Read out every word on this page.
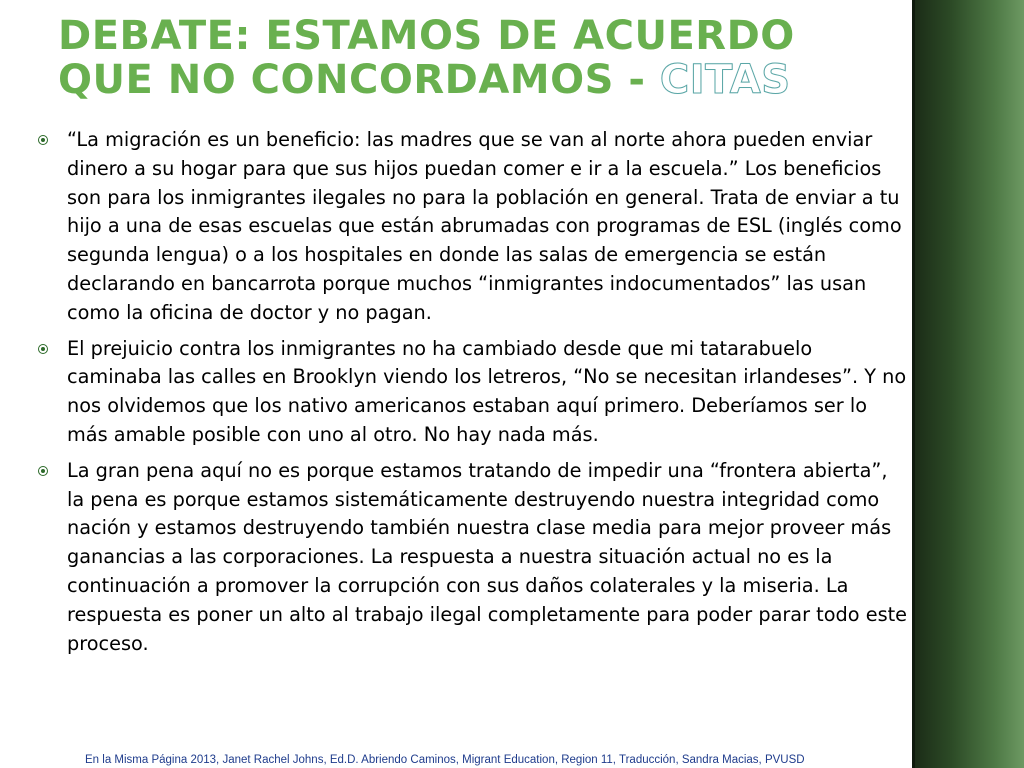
DEBATE: ESTAMOS DE ACUERDO QUE NO CONCORDAMOS - CITAS
“La migración es un beneficio: las madres que se van al norte ahora pueden enviar dinero a su hogar para que sus hijos puedan comer e ir a la escuela.” Los beneficios son para los inmigrantes ilegales no para la población en general. Trata de enviar a tu hijo a una de esas escuelas que están abrumadas con programas de ESL (inglés como segunda lengua) o a los hospitales en donde las salas de emergencia se están declarando en bancarrota porque muchos “inmigrantes indocumentados” las usan como la oficina de doctor y no pagan.
El prejuicio contra los inmigrantes no ha cambiado desde que mi tatarabuelo caminaba las calles en Brooklyn viendo los letreros, “No se necesitan irlandeses”. Y no nos olvidemos que los nativo americanos estaban aquí primero. Deberíamos ser lo más amable posible con uno al otro. No hay nada más.
La gran pena aquí no es porque estamos tratando de impedir una “frontera abierta”, la pena es porque estamos sistemáticamente destruyendo nuestra integridad como nación y estamos destruyendo también nuestra clase media para mejor proveer más ganancias a las corporaciones. La respuesta a nuestra situación actual no es la continuación a promover la corrupción con sus daños colaterales y la miseria. La respuesta es poner un alto al trabajo ilegal completamente para poder parar todo este proceso.
En la Misma Página 2013, Janet Rachel Johns, Ed.D. Abriendo Caminos, Migrant Education, Region 11, Traducción, Sandra Macias, PVUSD
